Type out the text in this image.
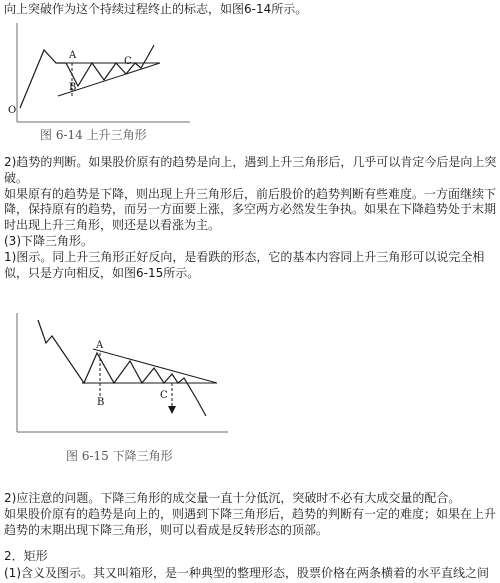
向上突破作为这个持续过程终止的标志，如图6-14所示。
O
A
B
C
图 6-14 上升三角形
2)趋势的判断。如果股价原有的趋势是向上，遇到上升三角形后，几乎可以肯定今后是向上突
破。
如果原有的趋势是下降，则出现上升三角形后，前后股价的趋势判断有些难度。一方面继续下
降，保持原有的趋势，而另一方面要上涨，多空两方必然发生争执。如果在下降趋势处于末期
时出现上升三角形，则还是以看涨为主。
(3)下降三角形。
1)图示。同上升三角形正好反向，是看跌的形态，它的基本内容同上升三角形可以说完全相
似，只是方向相反，如图6-15所示。
A
B
C
图 6-15 下降三角形
2)应注意的问题。下降三角形的成交量一直十分低沉，突破时不必有大成交量的配合。
如果股价原有的趋势是向上的，则遇到下降三角形后，趋势的判断有一定的难度；如果在上升
趋势的末期出现下降三角形，则可以看成是反转形态的顶部。
2．矩形
(1)含义及图示。其又叫箱形，是一种典型的整理形态，股票价格在两条横着的水平直线之间
